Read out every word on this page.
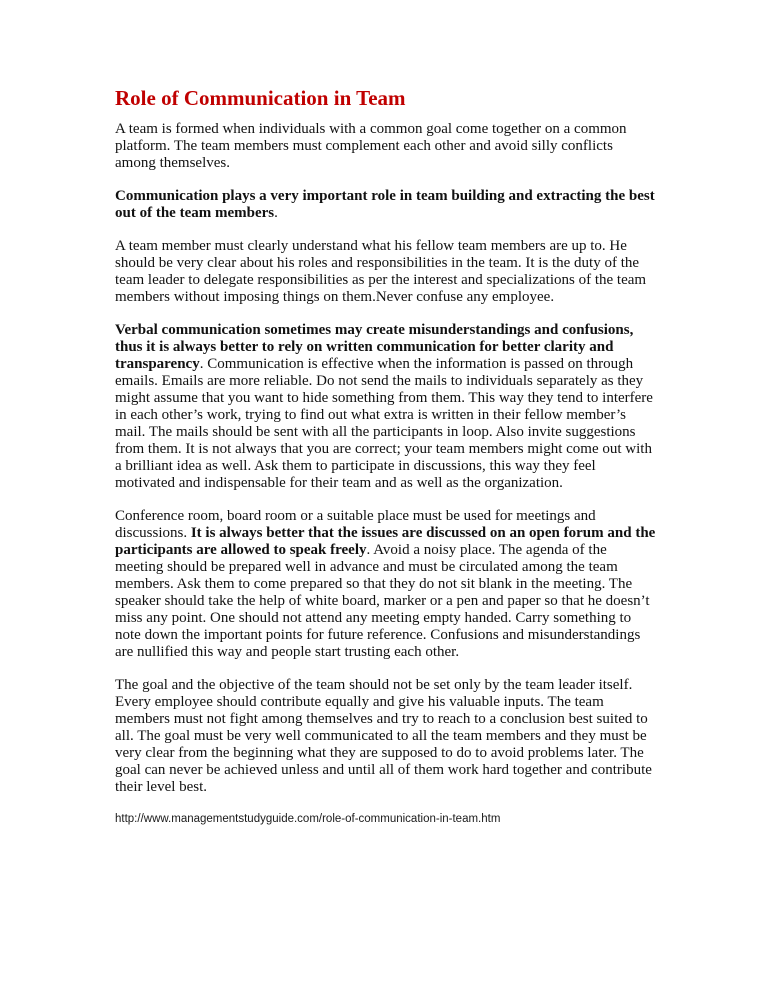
Role of Communication in Team

A team is formed when individuals with a common goal come together on a common platform. The team members must complement each other and avoid silly conflicts among themselves.

Communication plays a very important role in team building and extracting the best out of the team members.

A team member must clearly understand what his fellow team members are up to. He should be very clear about his roles and responsibilities in the team. It is the duty of the team leader to delegate responsibilities as per the interest and specializations of the team members without imposing things on them.Never confuse any employee.

Verbal communication sometimes may create misunderstandings and confusions, thus it is always better to rely on written communication for better clarity and transparency. Communication is effective when the information is passed on through emails. Emails are more reliable. Do not send the mails to individuals separately as they might assume that you want to hide something from them. This way they tend to interfere in each other’s work, trying to find out what extra is written in their fellow member’s mail. The mails should be sent with all the participants in loop. Also invite suggestions from them. It is not always that you are correct; your team members might come out with a brilliant idea as well. Ask them to participate in discussions, this way they feel motivated and indispensable for their team and as well as the organization.

Conference room, board room or a suitable place must be used for meetings and discussions. It is always better that the issues are discussed on an open forum and the participants are allowed to speak freely. Avoid a noisy place. The agenda of the meeting should be prepared well in advance and must be circulated among the team members. Ask them to come prepared so that they do not sit blank in the meeting. The speaker should take the help of white board, marker or a pen and paper so that he doesn’t miss any point. One should not attend any meeting empty handed. Carry something to note down the important points for future reference. Confusions and misunderstandings are nullified this way and people start trusting each other.

The goal and the objective of the team should not be set only by the team leader itself. Every employee should contribute equally and give his valuable inputs. The team members must not fight among themselves and try to reach to a conclusion best suited to all. The goal must be very well communicated to all the team members and they must be very clear from the beginning what they are supposed to do to avoid problems later. The goal can never be achieved unless and until all of them work hard together and contribute their level best.

http://www.managementstudyguide.com/role-of-communication-in-team.htm
